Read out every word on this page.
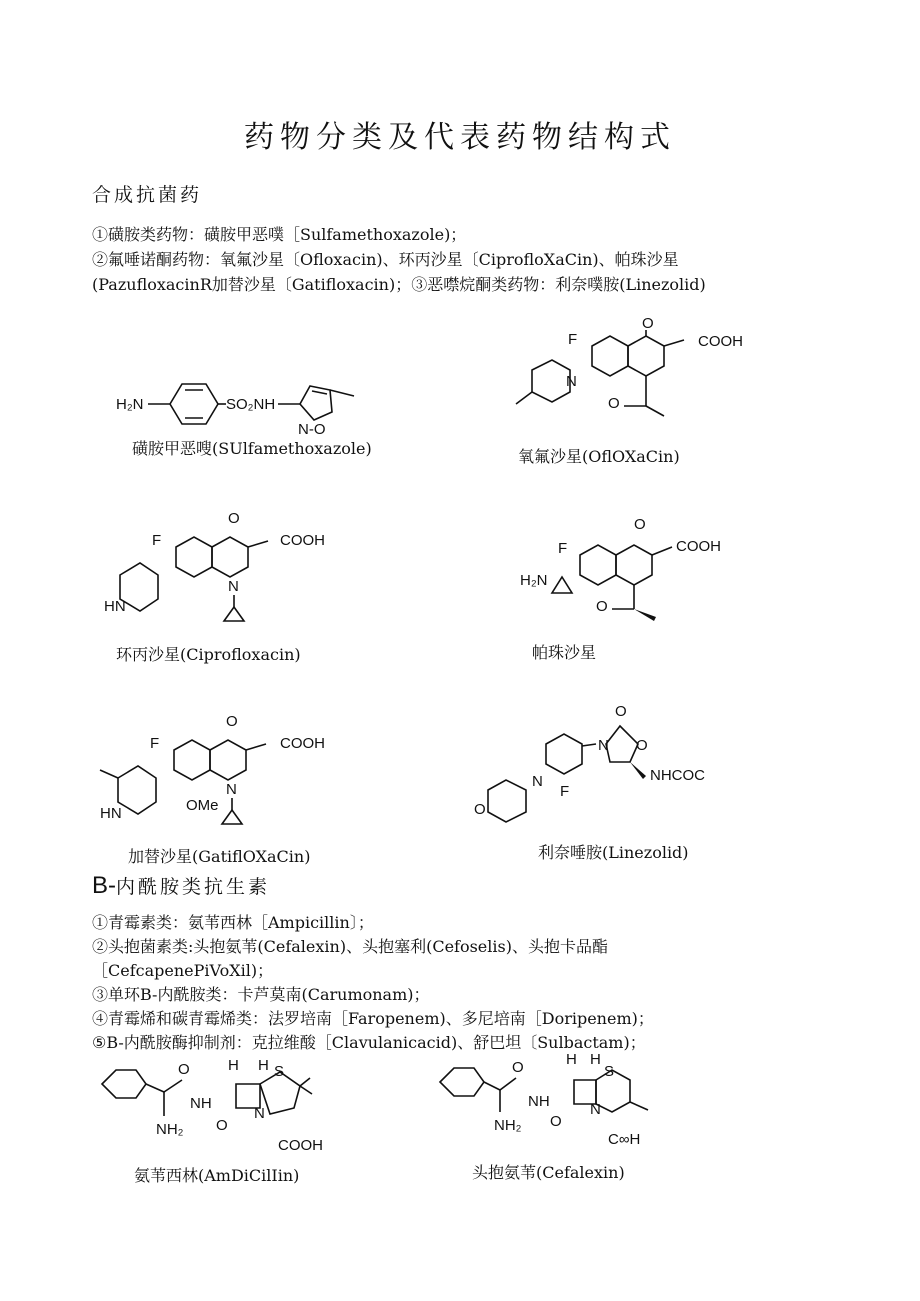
药物分类及代表药物结构式
合成抗菌药
①磺胺类药物：磺胺甲恶噗［Sulfamethoxazole)；
②氟唾诺酮药物：氧氟沙星〔Ofloxacin)、环丙沙星〔CiprofloXaCin)、帕珠沙星
(PazufloxacinR加替沙星〔Gatifloxacin)；③恶噤烷酮类药物：利奈噗胺(Linezolid)
H₂N	SO₂NH
N‑O
磺胺甲恶嗖(SUlfamethoxazole)
F
O
COOH
N
O
氧氟沙星(OflOXaCin)
F
O
COOH
HN
N
环丙沙星(Ciprofloxacin)
F
O
COOH
H₂N
O
帕珠沙星
F
O
COOH
HN	OMe
N
加替沙星(GatiflOXaCin)
O
N O
NHCOC
F
N
O
利奈唾胺(Linezolid)
B-内酰胺类抗生素
①青霉素类：氨苇西林［Ampicillin〕；
②头抱菌素类:头抱氨苇(Cefalexin)、头抱塞利(Cefoselis)、头抱卡品酯
［CefcapenePiVoXil)；
③单环B-内酰胺类：卡芦莫南(Carumonam)；
④青霉烯和碳青霉烯类：法罗培南［Faropenem)、多尼培南［Doripenem)；
⑤B-内酰胺酶抑制剂：克拉维酸［Clavulanicacid)、舒巴坦〔Sulbactam)；
O
NH
NH₂
H H
O
N
S
COOH
氨苇西林(AmDiCilIin)
O
NH
NH₂
H H
O
N
S
C∞H
头抱氨苇(Cefalexin)
